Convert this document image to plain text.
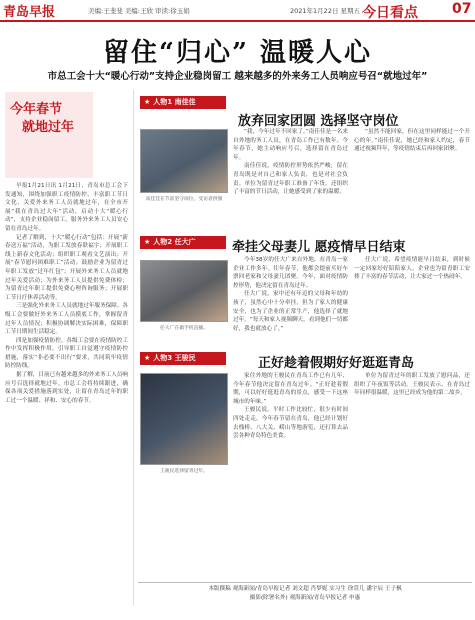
青岛早报	美编:王斐斐 美编:王欣 审读:徐玉娟	2021年1月22日 星期五 今日看点 07
留住“归心” 温暖人心
市总工会十大“暖心行动”支持企业稳岗留工 越来越多的外来务工人员响应号召“就地过年”
今年春节
就地过年

早报1月21日讯 1月21日，青岛市总工会下发通知，围绕加强职工疫情防控、丰富职工节日文化、关爱外来务工人员就地过年，在全市开展“我在青岛过大年”活动，启动十大“暖心行动”，支持企业稳岗留工，服务外来务工人员安心留在青岛过年。

记者了解到，十大“暖心行动”包括：开展“新春送万福”活动，为职工发放春联福字；开展职工线上新春文化活动；组织职工观看文艺演出；开展“春节慰问困难职工”活动；鼓励企业为留青过年职工发放“过年红包”；开展外来务工人员就地过年关爱活动；为外来务工人员提供免费体检；为留青过年职工提供免费心理咨询服务；开展职工节日疗休养活动等。

三是强化外来务工人员就地过年服务保障。各级工会要做好外来务工人员摸底工作，掌握留青过年人员情况；积极协调解决实际困难，保障职工节日期间生活稳定。

四是加强疫情防控。各级工会要在疫情防控工作中发挥积极作用，引导职工自觉遵守疫情防控措施，落实“非必要不出行”要求，共同筑牢疫情防控防线。

据了解，目前已有越来越多的外来务工人员响应号召选择就地过年。市总工会将持续跟进，确保各项关爱措施落到实处，让留在青岛过年的职工过一个温暖、祥和、安心的春节。

★ 人物1 南佳佳
放弃回家团圆 选择坚守岗位
南佳佳在节前坚守岗位。受访者供图

“我，今年过年不回家了。”南佳佳是一名来自外地的务工人员，在青岛工作已有数年。今年春节，她主动响应号召，选择留在青岛过年。

南佳佳说，疫情防控形势依然严峻，留在青岛既是对自己和家人负责，也是对社会负责。单位为留青过年职工准备了年货，还组织了丰富的节日活动，让她感受到了家的温暖。

“虽然不能回家，但在这里同样能过一个开心的年。”南佳佳说，她已经和家人约定，春节通过视频拜年，等疫情结束后再回家团聚。

★ 人物2 任大广	牵挂父母妻儿 愿疫情早日结束
任大广在做手机直播。

今年38岁的任大广来自外地，在青岛一家企业工作多年。往年春节，他都会提前买好车票回老家和父母妻儿团聚。今年，面对疫情防控形势，他决定留在青岛过年。

任大广说，家中还有年迈的父母和年幼的孩子，虽然心中十分牵挂，但为了家人的健康安全，也为了企业的正常生产，他选择了就地过年。“每天和家人视频聊天，看到他们一切都好，我也就放心了。”

任大广说，希望疫情能早日结束，到时候一定回家好好陪陪家人。企业也为留青职工安排了丰富的春节活动，让大家过一个热闹年。

★ 人物3 王骏民	正好趁着假期好好逛逛青岛
王骏民选择留青过年。

家住外地的王骏民在青岛工作已有几年，今年春节他决定留在青岛过年。“正好趁着假期，可以好好逛逛青岛的景点，感受一下这座城市的年味。”

王骏民说，平时工作比较忙，很少有时间四处走走。今年春节留在青岛，他已经计划好去栈桥、八大关、崂山等地游览，还打算去品尝各种青岛特色美食。

单位为留青过年的职工发放了慰问品，还组织了年夜饭等活动。王骏民表示，在青岛过年同样很温暖，这里已经成为他的第二故乡。

本版撰稿 观海新闻/青岛早报记者 刘文超 肖梦妮 实习生 徐萱儿 潘宇辰 王子枫
摄影(除署名外) 观海新闻/青岛早报记者 申惠
